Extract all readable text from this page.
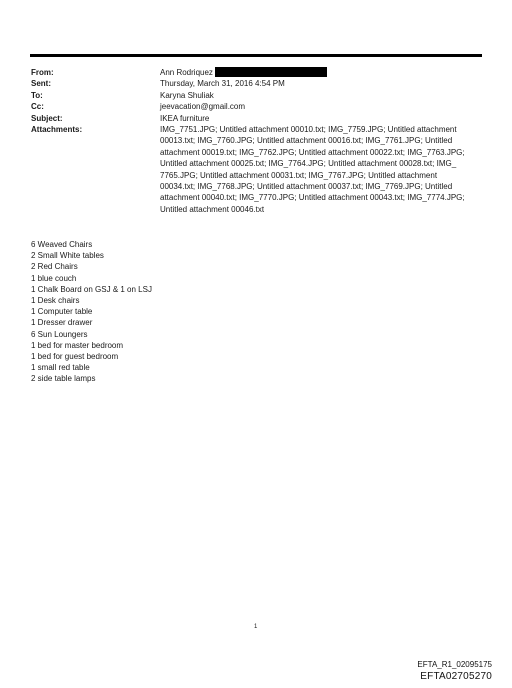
From:	Ann Rodriquez
Sent:	Thursday, March 31, 2016 4:54 PM
To:	Karyna Shuliak
Cc:	jeevacation@gmail.com
Subject:	IKEA furniture
Attachments:	IMG_7751.JPG; Untitled attachment 00010.txt; IMG_7759.JPG; Untitled attachment
00013.txt; IMG_7760.JPG; Untitled attachment 00016.txt; IMG_7761.JPG; Untitled
attachment 00019.txt; IMG_7762.JPG; Untitled attachment 00022.txt; IMG_7763.JPG;
Untitled attachment 00025.txt; IMG_7764.JPG; Untitled attachment 00028.txt; IMG_
7765.JPG; Untitled attachment 00031.txt; IMG_7767.JPG; Untitled attachment
00034.txt; IMG_7768.JPG; Untitled attachment 00037.txt; IMG_7769.JPG; Untitled
attachment 00040.txt; IMG_7770.JPG; Untitled attachment 00043.txt; IMG_7774.JPG;
Untitled attachment 00046.txt
6 Weaved Chairs
2 Small White tables
2 Red Chairs
1 blue couch
1 Chalk Board on GSJ & 1 on LSJ
1 Desk chairs
1 Computer table
1 Dresser drawer
6 Sun Loungers
1 bed for master bedroom
1 bed for guest bedroom
1 small red table
2 side table lamps
1
EFTA_R1_02095175
EFTA02705270
